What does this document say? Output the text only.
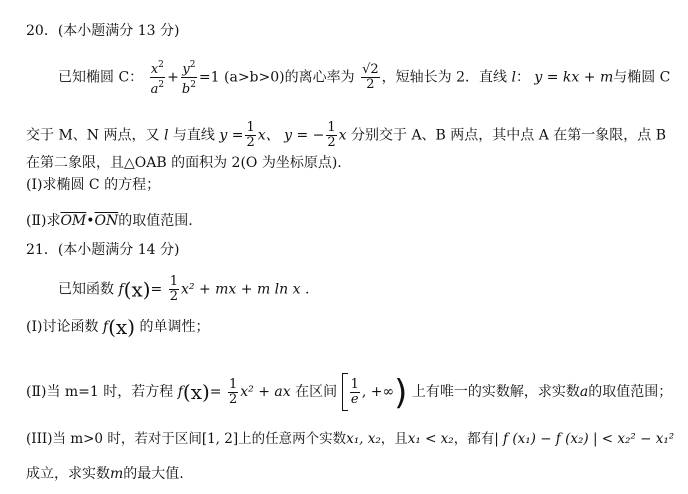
20．(本小题满分 13 分)
已知椭圆 C： $\frac{x^2}{a^2} + \frac{y^2}{b^2} =1$ (a>b>0)的离心率为 $\frac{√2}{2}$ ，短轴长为 2．直线 l： y = kx + m与椭圆 C
交于 M、N 两点，又 l 与直线 $y = \frac{1}{2}$ x、 y = − $\frac{1}{2}$ x 分别交于 A、B 两点，其中点 A 在第一象限，点 B
在第二象限，且△OAB 的面积为 2(O 为坐标原点).
(I)求椭圆 C 的方程；
(Ⅱ)求$\overline{OM}•\overline{ON}$的取值范围.
21．(本小题满分 14 分)
已知函数 $f(x)= \frac{1}{2} x^2$ + mx + m ln x .
(I)讨论函数 f(x) 的单调性；
(Ⅱ)当 m=1 时，若方程 $f(x)= \frac{1}{2} x^2$ + ax 在区间 $\frac{1}{e}$ , +∞) 上有唯一的实数解，求实数a的取值范围；
(III)当 m>0 时，若对于区间[1, 2]上的任意两个实数x₁, x₂，且x₁ < x₂，都有| f (x₁) − f (x₂) | < x₂² − x₁²
成立，求实数m的最大值.
